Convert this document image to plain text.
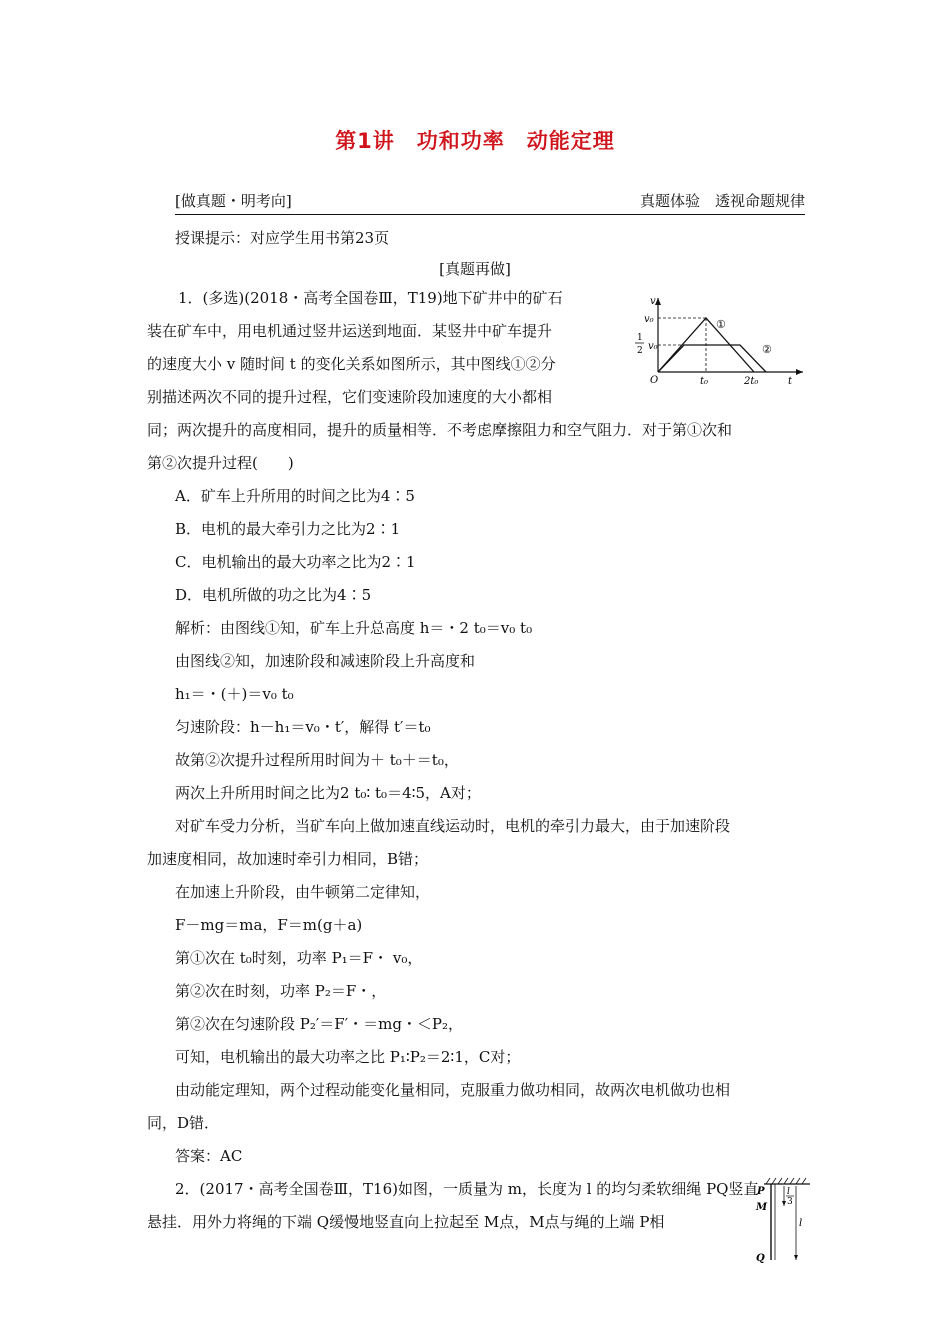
第1讲　功和功率　动能定理
[做真题・明考向]	真题体验　透视命题规律
授课提示：对应学生用书第23页
[真题再做]
1．(多选)(2018・高考全国卷Ⅲ，T19)地下矿井中的矿石
装在矿车中，用电机通过竖井运送到地面．某竖井中矿车提升
的速度大小 v 随时间 t 的变化关系如图所示，其中图线①②分
别描述两次不同的提升过程，它们变速阶段加速度的大小都相
同；两次提升的高度相同，提升的质量相等．不考虑摩擦阻力和空气阻力．对于第①次和
第②次提升过程(　　)
v
v₀
1
2 v₀
O	t₀	2t₀	t
①
②
A．矿车上升所用的时间之比为4∶5
B．电机的最大牵引力之比为2∶1
C．电机输出的最大功率之比为2∶1
D．电机所做的功之比为4∶5
解析：由图线①知，矿车上升总高度 h＝・2 t₀＝v₀ t₀
由图线②知，加速阶段和减速阶段上升高度和
h₁＝・(＋)＝v₀ t₀
匀速阶段：h－h₁＝v₀・t′，解得 t′＝t₀
故第②次提升过程所用时间为＋ t₀＋＝t₀，
两次上升所用时间之比为2 t₀∶ t₀＝4∶5，A对；
对矿车受力分析，当矿车向上做加速直线运动时，电机的牵引力最大，由于加速阶段
加速度相同，故加速时牵引力相同，B错；
在加速上升阶段，由牛顿第二定律知，
F－mg＝ma，F＝m(g＋a)
第①次在 t₀时刻，功率 P₁＝F・ v₀，
第②次在时刻，功率 P₂＝F・，
第②次在匀速阶段 P₂′＝F′・＝mg・＜P₂，
可知，电机输出的最大功率之比 P₁∶P₂＝2∶1，C对；
由动能定理知，两个过程动能变化量相同，克服重力做功相同，故两次电机做功也相
同，D错．
答案：AC
2．(2017・高考全国卷Ⅲ，T16)如图，一质量为 m，长度为 l 的均匀柔软细绳 PQ竖直
悬挂．用外力将绳的下端 Q缓慢地竖直向上拉起至 M点，M点与绳的上端 P相
P
M
Q
l
3
l
